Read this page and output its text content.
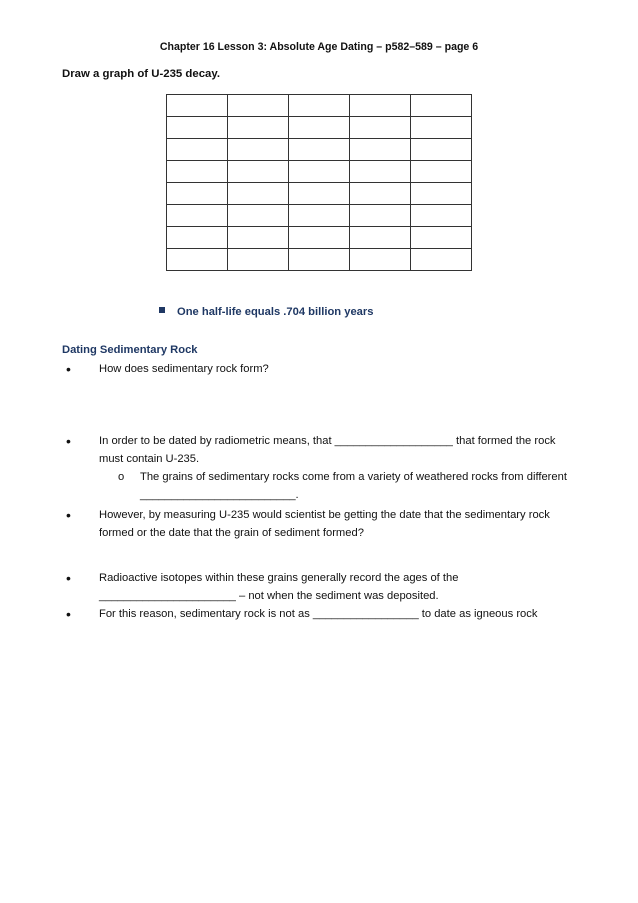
Chapter 16 Lesson 3: Absolute Age Dating – p582–589 – page 6
Draw a graph of U-235 decay.

One half-life equals .704 billion years
Dating Sedimentary Rock
•
How does sedimentary rock form?
•
In order to be dated by radiometric means, that ___________________ that formed the rock must contain U-235.
o The grains of sedimentary rocks come from a variety of weathered rocks from different _________________________.
•
However, by measuring U-235 would scientist be getting the date that the sedimentary rock formed or the date that the grain of sediment formed?
•
Radioactive isotopes within these grains generally record the ages of the ______________________ – not when the sediment was deposited.
•
For this reason, sedimentary rock is not as _________________ to date as igneous rock
